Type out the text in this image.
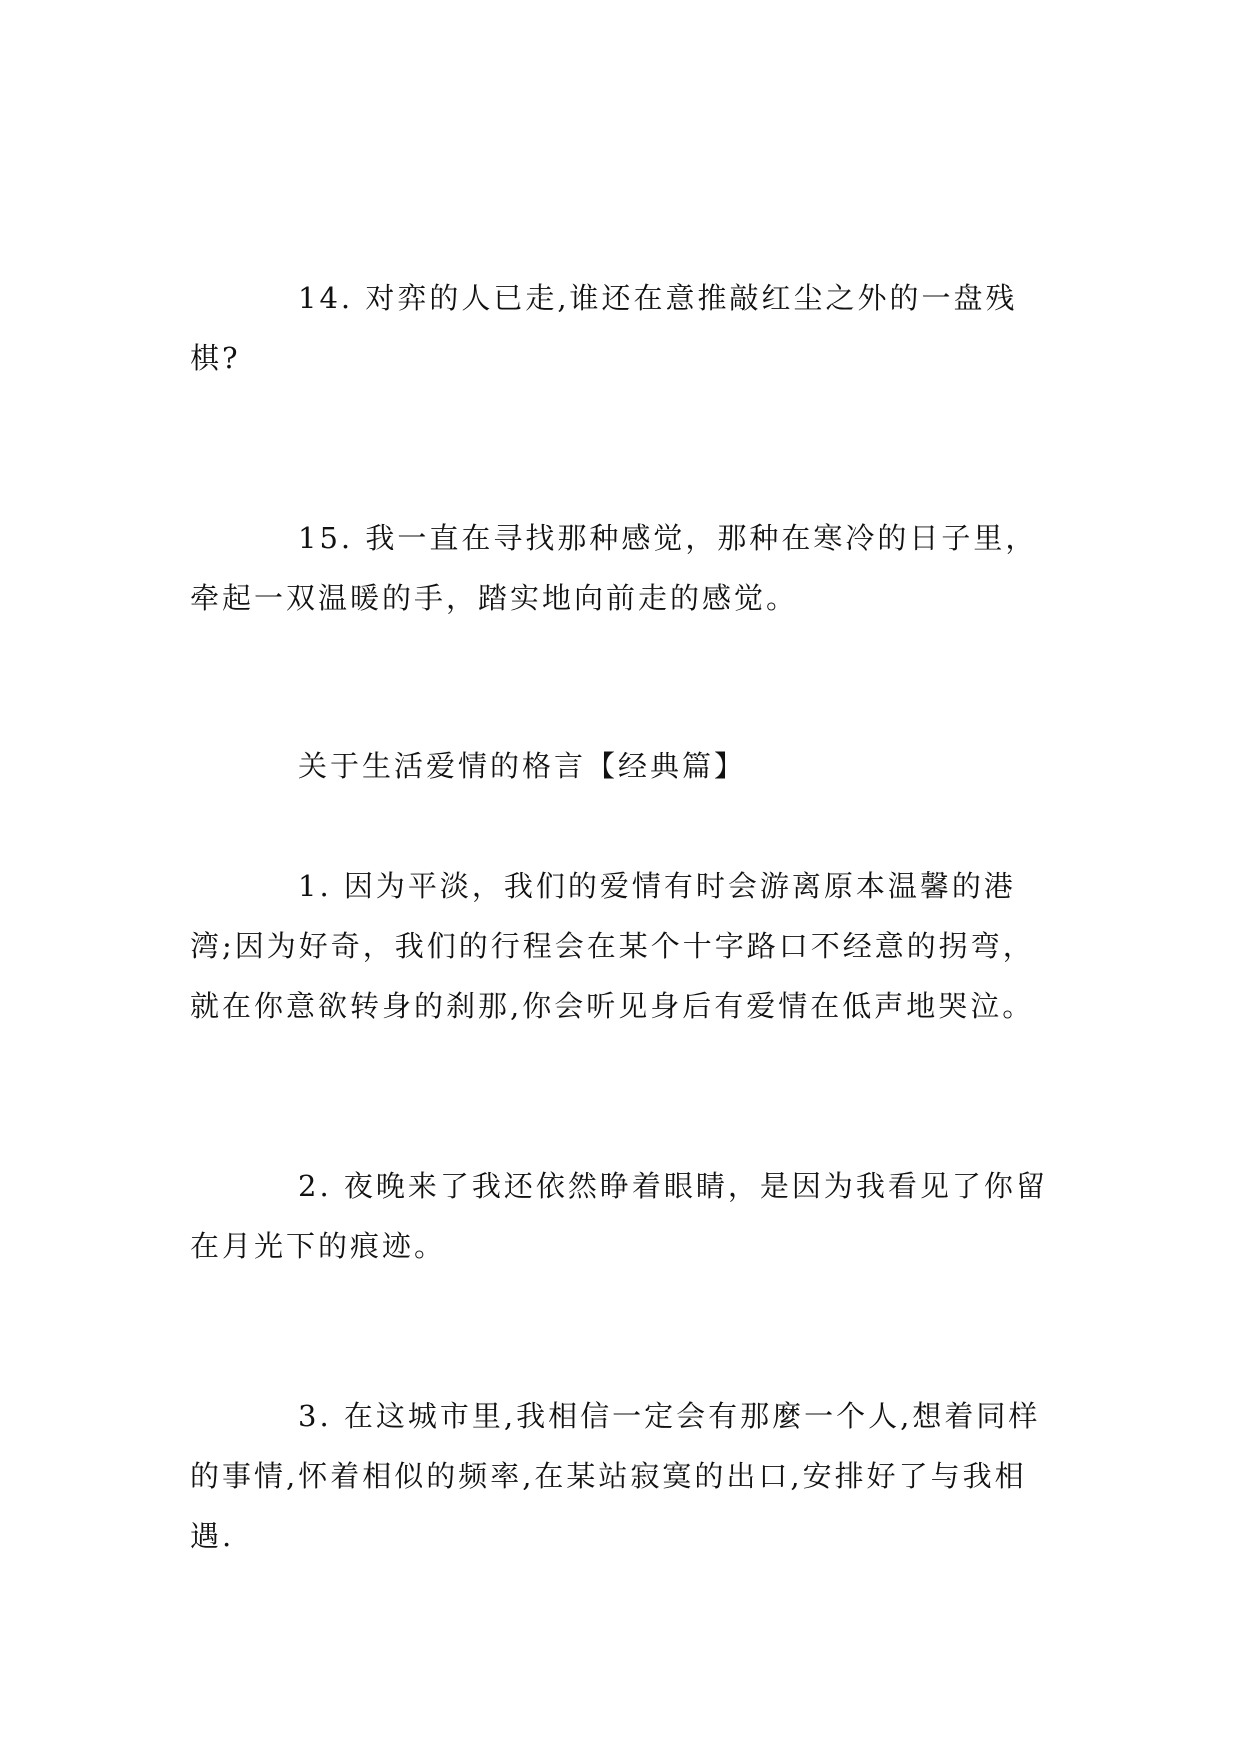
14. 对弈的人已走,谁还在意推敲红尘之外的一盘残棋?

15. 我一直在寻找那种感觉，那种在寒冷的日子里，牵起一双温暖的手，踏实地向前走的感觉。

关于生活爱情的格言【经典篇】

1. 因为平淡，我们的爱情有时会游离原本温馨的港湾;因为好奇，我们的行程会在某个十字路口不经意的拐弯，就在你意欲转身的刹那,你会听见身后有爱情在低声地哭泣。

2. 夜晚来了我还依然睁着眼睛，是因为我看见了你留在月光下的痕迹。

3. 在这城市里,我相信一定会有那麼一个人,想着同样的事情,怀着相似的频率,在某站寂寞的出口,安排好了与我相遇.
